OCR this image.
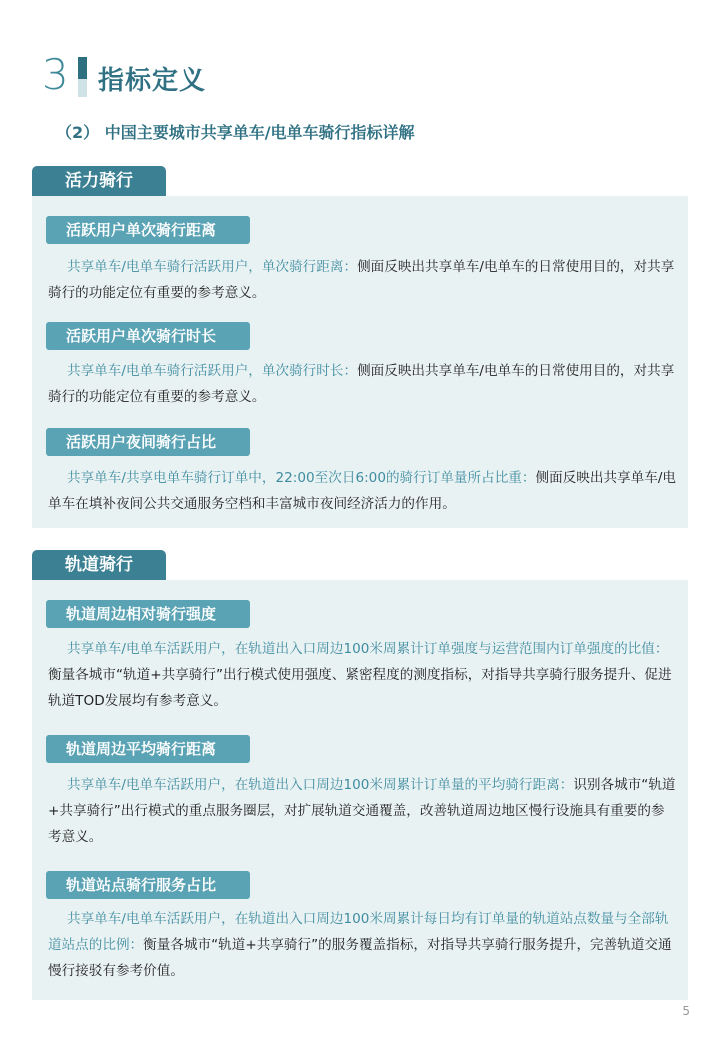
3 指标定义
（2） 中国主要城市共享单车/电单车骑行指标详解
活力骑行
活跃用户单次骑行距离
共享单车/电单车骑行活跃用户，单次骑行距离：侧面反映出共享单车/电单车的日常使用目的，对共享骑行的功能定位有重要的参考意义。
活跃用户单次骑行时长
共享单车/电单车骑行活跃用户，单次骑行时长：侧面反映出共享单车/电单车的日常使用目的，对共享骑行的功能定位有重要的参考意义。
活跃用户夜间骑行占比
共享单车/共享电单车骑行订单中，22:00至次日6:00的骑行订单量所占比重：侧面反映出共享单车/电单车在填补夜间公共交通服务空档和丰富城市夜间经济活力的作用。
轨道骑行
轨道周边相对骑行强度
共享单车/电单车活跃用户，在轨道出入口周边100米周累计订单强度与运营范围内订单强度的比值：衡量各城市“轨道+共享骑行”出行模式使用强度、紧密程度的测度指标，对指导共享骑行服务提升、促进轨道TOD发展均有参考意义。
轨道周边平均骑行距离
共享单车/电单车活跃用户，在轨道出入口周边100米周累计订单量的平均骑行距离：识别各城市“轨道+共享骑行”出行模式的重点服务圈层，对扩展轨道交通覆盖，改善轨道周边地区慢行设施具有重要的参考意义。
轨道站点骑行服务占比
共享单车/电单车活跃用户，在轨道出入口周边100米周累计每日均有订单量的轨道站点数量与全部轨道站点的比例：衡量各城市“轨道+共享骑行”的服务覆盖指标，对指导共享骑行服务提升，完善轨道交通慢行接驳有参考价值。
5
